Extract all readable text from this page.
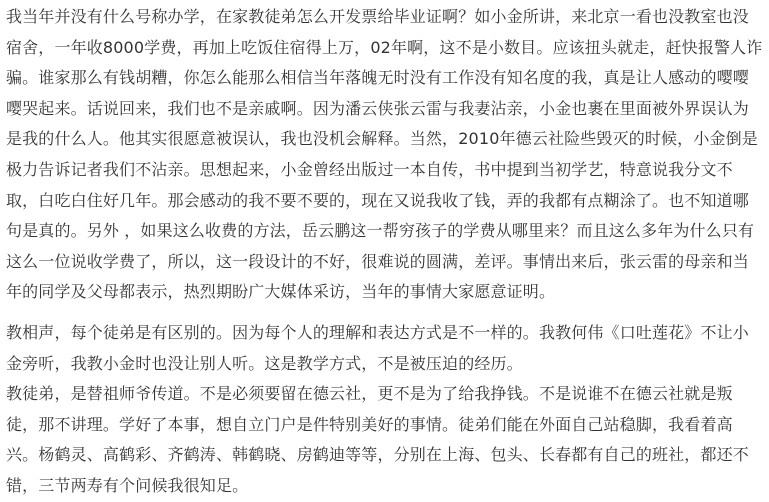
我当年并没有什么号称办学，在家教徒弟怎么开发票给毕业证啊？如小金所讲，来北京一看也没教室也没宿舍，一年收8000学费，再加上吃饭住宿得上万，02年啊，这不是小数目。应该扭头就走，赶快报警人诈骗。谁家那么有钱胡糟，你怎么能那么相信当年落魄无时没有工作没有知名度的我，真是让人感动的嘤嘤嘤哭起来。话说回来，我们也不是亲戚啊。因为潘云侠张云雷与我妻沾亲，小金也裹在里面被外界误认为是我的什么人。他其实很愿意被误认，我也没机会解释。当然，2010年德云社险些毁灭的时候，小金倒是极力告诉记者我们不沾亲。思想起来，小金曾经出版过一本自传，书中提到当初学艺，特意说我分文不取，白吃白住好几年。那会感动的我不要不要的，现在又说我收了钱，弄的我都有点糊涂了。也不知道哪句是真的。另外 ，如果这么收费的方法，岳云鹏这一帮穷孩子的学费从哪里来？而且这么多年为什么只有这么一位说收学费了，所以，这一段设计的不好，很难说的圆满，差评。事情出来后，张云雷的母亲和当年的同学及父母都表示，热烈期盼广大媒体采访，当年的事情大家愿意证明。

教相声，每个徒弟是有区别的。因为每个人的理解和表达方式是不一样的。我教何伟《口吐莲花》不让小金旁听，我教小金时也没让别人听。这是教学方式，不是被压迫的经历。

教徒弟，是替祖师爷传道。不是必须要留在德云社，更不是为了给我挣钱。不是说谁不在德云社就是叛徒，那不讲理。学好了本事，想自立门户是件特别美好的事情。徒弟们能在外面自己站稳脚，我看着高兴。杨鹤灵、高鹤彩、齐鹤涛、韩鹤晓、房鹤迪等等，分别在上海、包头、长春都有自己的班社，都还不错，三节两寿有个问候我很知足。
